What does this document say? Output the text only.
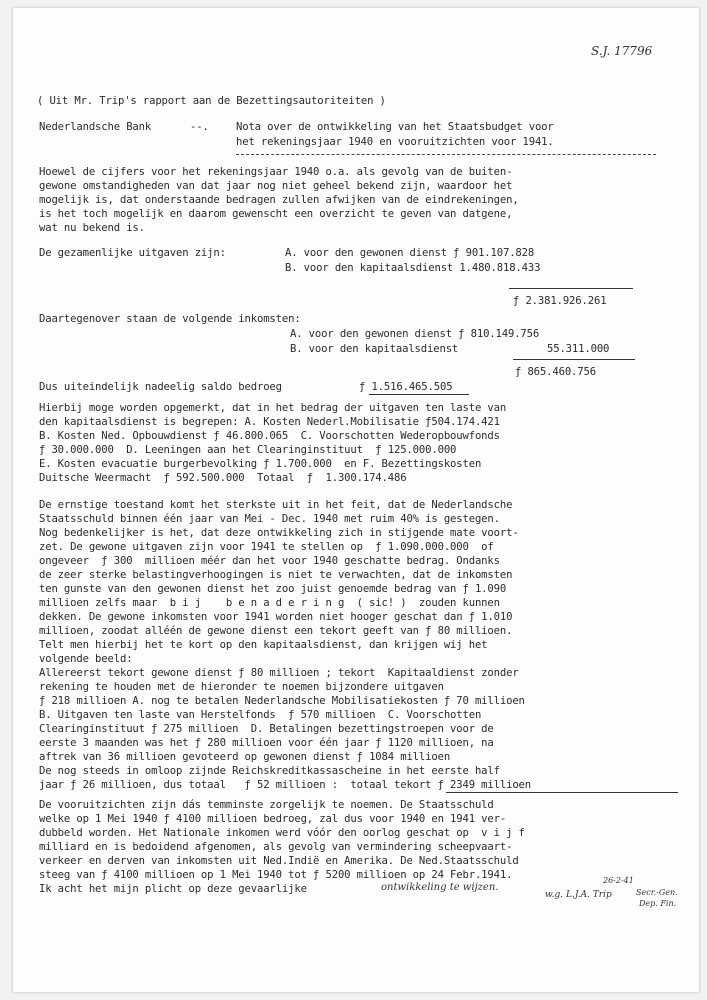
S.J. 17796
( Uit Mr. Trip's rapport aan de Bezettingsautoriteiten )
Nederlandsche Bank	--.	Nota over de ontwikkeling van het Staatsbudget voor
het rekeningsjaar 1940 en vooruitzichten voor 1941.
Hoewel de cijfers voor het rekeningsjaar 1940 o.a. als gevolg van de buiten-
gewone omstandigheden van dat jaar nog niet geheel bekend zijn, waardoor het
mogelijk is, dat onderstaande bedragen zullen afwijken van de eindrekeningen,
is het toch mogelijk en daarom gewenscht een overzicht te geven van datgene,
wat nu bekend is.
De gezamenlijke uitgaven zijn:	A. voor den gewonen dienst ƒ 901.107.828
B. voor den kapitaalsdienst 1.480.818.433
ƒ 2.381.926.261
Daartegenover staan de volgende inkomsten:
A. voor den gewonen dienst ƒ 810.149.756
B. voor den kapitaalsdienst	55.311.000
ƒ 865.460.756
Dus uiteindelijk nadeelig saldo bedroeg	ƒ 1.516.465.505
Hierbij moge worden opgemerkt, dat in het bedrag der uitgaven ten laste van
den kapitaalsdienst is begrepen: A. Kosten Nederl.Mobilisatie ƒ504.174.421
B. Kosten Ned. Opbouwdienst ƒ 46.800.065  C. Voorschotten Wederopbouwfonds
ƒ 30.000.000  D. Leeningen aan het Clearinginstituut  ƒ 125.000.000
E. Kosten evacuatie burgerbevolking ƒ 1.700.000  en F. Bezettingskosten
Duitsche Weermacht  ƒ 592.500.000  Totaal  ƒ  1.300.174.486
De ernstige toestand komt het sterkste uit in het feit, dat de Nederlandsche
Staatsschuld binnen één jaar van Mei - Dec. 1940 met ruim 40% is gestegen.
Nog bedenkelijker is het, dat deze ontwikkeling zich in stijgende mate voort-
zet. De gewone uitgaven zijn voor 1941 te stellen op  ƒ 1.090.000.000  of
ongeveer  ƒ 300  millioen méér dan het voor 1940 geschatte bedrag. Ondanks
de zeer sterke belastingverhoogingen is niet te verwachten, dat de inkomsten
ten gunste van den gewonen dienst het zoo juist genoemde bedrag van ƒ 1.090
millioen zelfs maar  b i j    b e n a d e r i n g  ( sic! )  zouden kunnen
dekken. De gewone inkomsten voor 1941 worden niet hooger geschat dan ƒ 1.010
millioen, zoodat alléén de gewone dienst een tekort geeft van ƒ 80 millioen.
Telt men hierbij het te kort op den kapitaalsdienst, dan krijgen wij het
volgende beeld:
Allereerst tekort gewone dienst ƒ 80 millioen ; tekort  Kapitaaldienst zonder
rekening te houden met de hieronder te noemen bijzondere uitgaven
ƒ 218 millioen A. nog te betalen Nederlandsche Mobilisatiekosten ƒ 70 millioen
B. Uitgaven ten laste van Herstelfonds  ƒ 570 millioen  C. Voorschotten
Clearinginstituut ƒ 275 millioen  D. Betalingen bezettingstroepen voor de
eerste 3 maanden was het ƒ 280 millioen voor één jaar ƒ 1120 millioen, na
aftrek van 36 millioen gevoteerd op gewonen dienst ƒ 1084 millioen
De nog steeds in omloop zijnde Reichskreditkassascheine in het eerste half
jaar ƒ 26 millioen, dus totaal   ƒ 52 millioen :  totaal tekort ƒ 2349 millioen
De vooruitzichten zijn dás temminste zorgelijk te noemen. De Staatsschuld
welke op 1 Mei 1940 ƒ 4100 millioen bedroeg, zal dus voor 1940 en 1941 ver-
dubbeld worden. Het Nationale inkomen werd vóór den oorlog geschat op  v i j f
milliard en is bedoidend afgenomen, als gevolg van vermindering scheepvaart-
verkeer en derven van inkomsten uit Ned.Indië en Amerika. De Ned.Staatsschuld
steeg van ƒ 4100 millioen op 1 Mei 1940 tot ƒ 5200 millioen op 24 Febr.1941.
Ik acht het mijn plicht op deze gevaarlijke	ontwikkeling te wijzen.
26-2-41
w.g. L.J.A. Trip	Secr.-Gen.
Dep. Fin.
